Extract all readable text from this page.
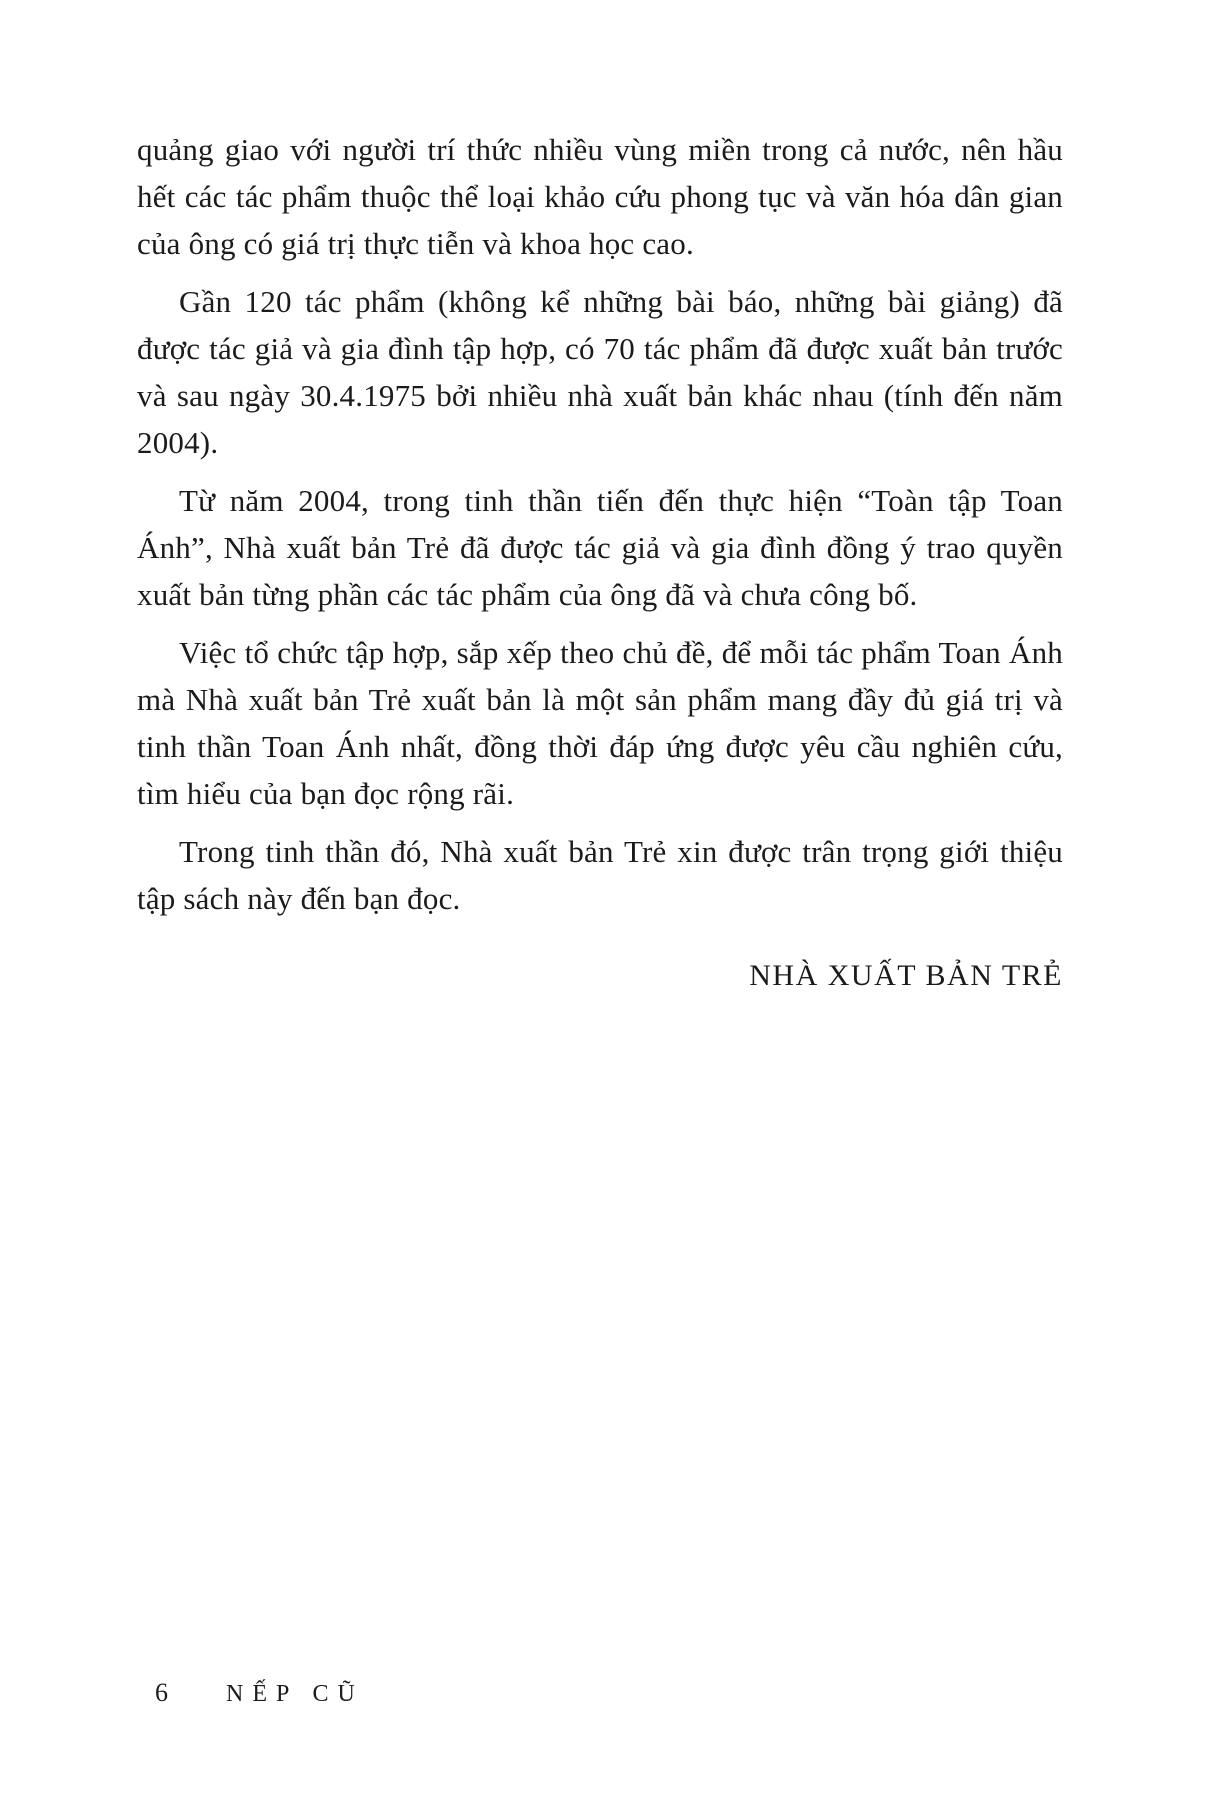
quảng giao với người trí thức nhiều vùng miền trong cả nước, nên hầu hết các tác phẩm thuộc thể loại khảo cứu phong tục và văn hóa dân gian của ông có giá trị thực tiễn và khoa học cao.

Gần 120 tác phẩm (không kể những bài báo, những bài giảng) đã được tác giả và gia đình tập hợp, có 70 tác phẩm đã được xuất bản trước và sau ngày 30.4.1975 bởi nhiều nhà xuất bản khác nhau (tính đến năm 2004).

Từ năm 2004, trong tinh thần tiến đến thực hiện “Toàn tập Toan Ánh”, Nhà xuất bản Trẻ đã được tác giả và gia đình đồng ý trao quyền xuất bản từng phần các tác phẩm của ông đã và chưa công bố.

Việc tổ chức tập hợp, sắp xếp theo chủ đề, để mỗi tác phẩm Toan Ánh mà Nhà xuất bản Trẻ xuất bản là một sản phẩm mang đầy đủ giá trị và tinh thần Toan Ánh nhất, đồng thời đáp ứng được yêu cầu nghiên cứu, tìm hiểu của bạn đọc rộng rãi.

Trong tinh thần đó, Nhà xuất bản Trẻ xin được trân trọng giới thiệu tập sách này đến bạn đọc.

NHÀ XUẤT BẢN TRẺ
6 NẾP CŨ
